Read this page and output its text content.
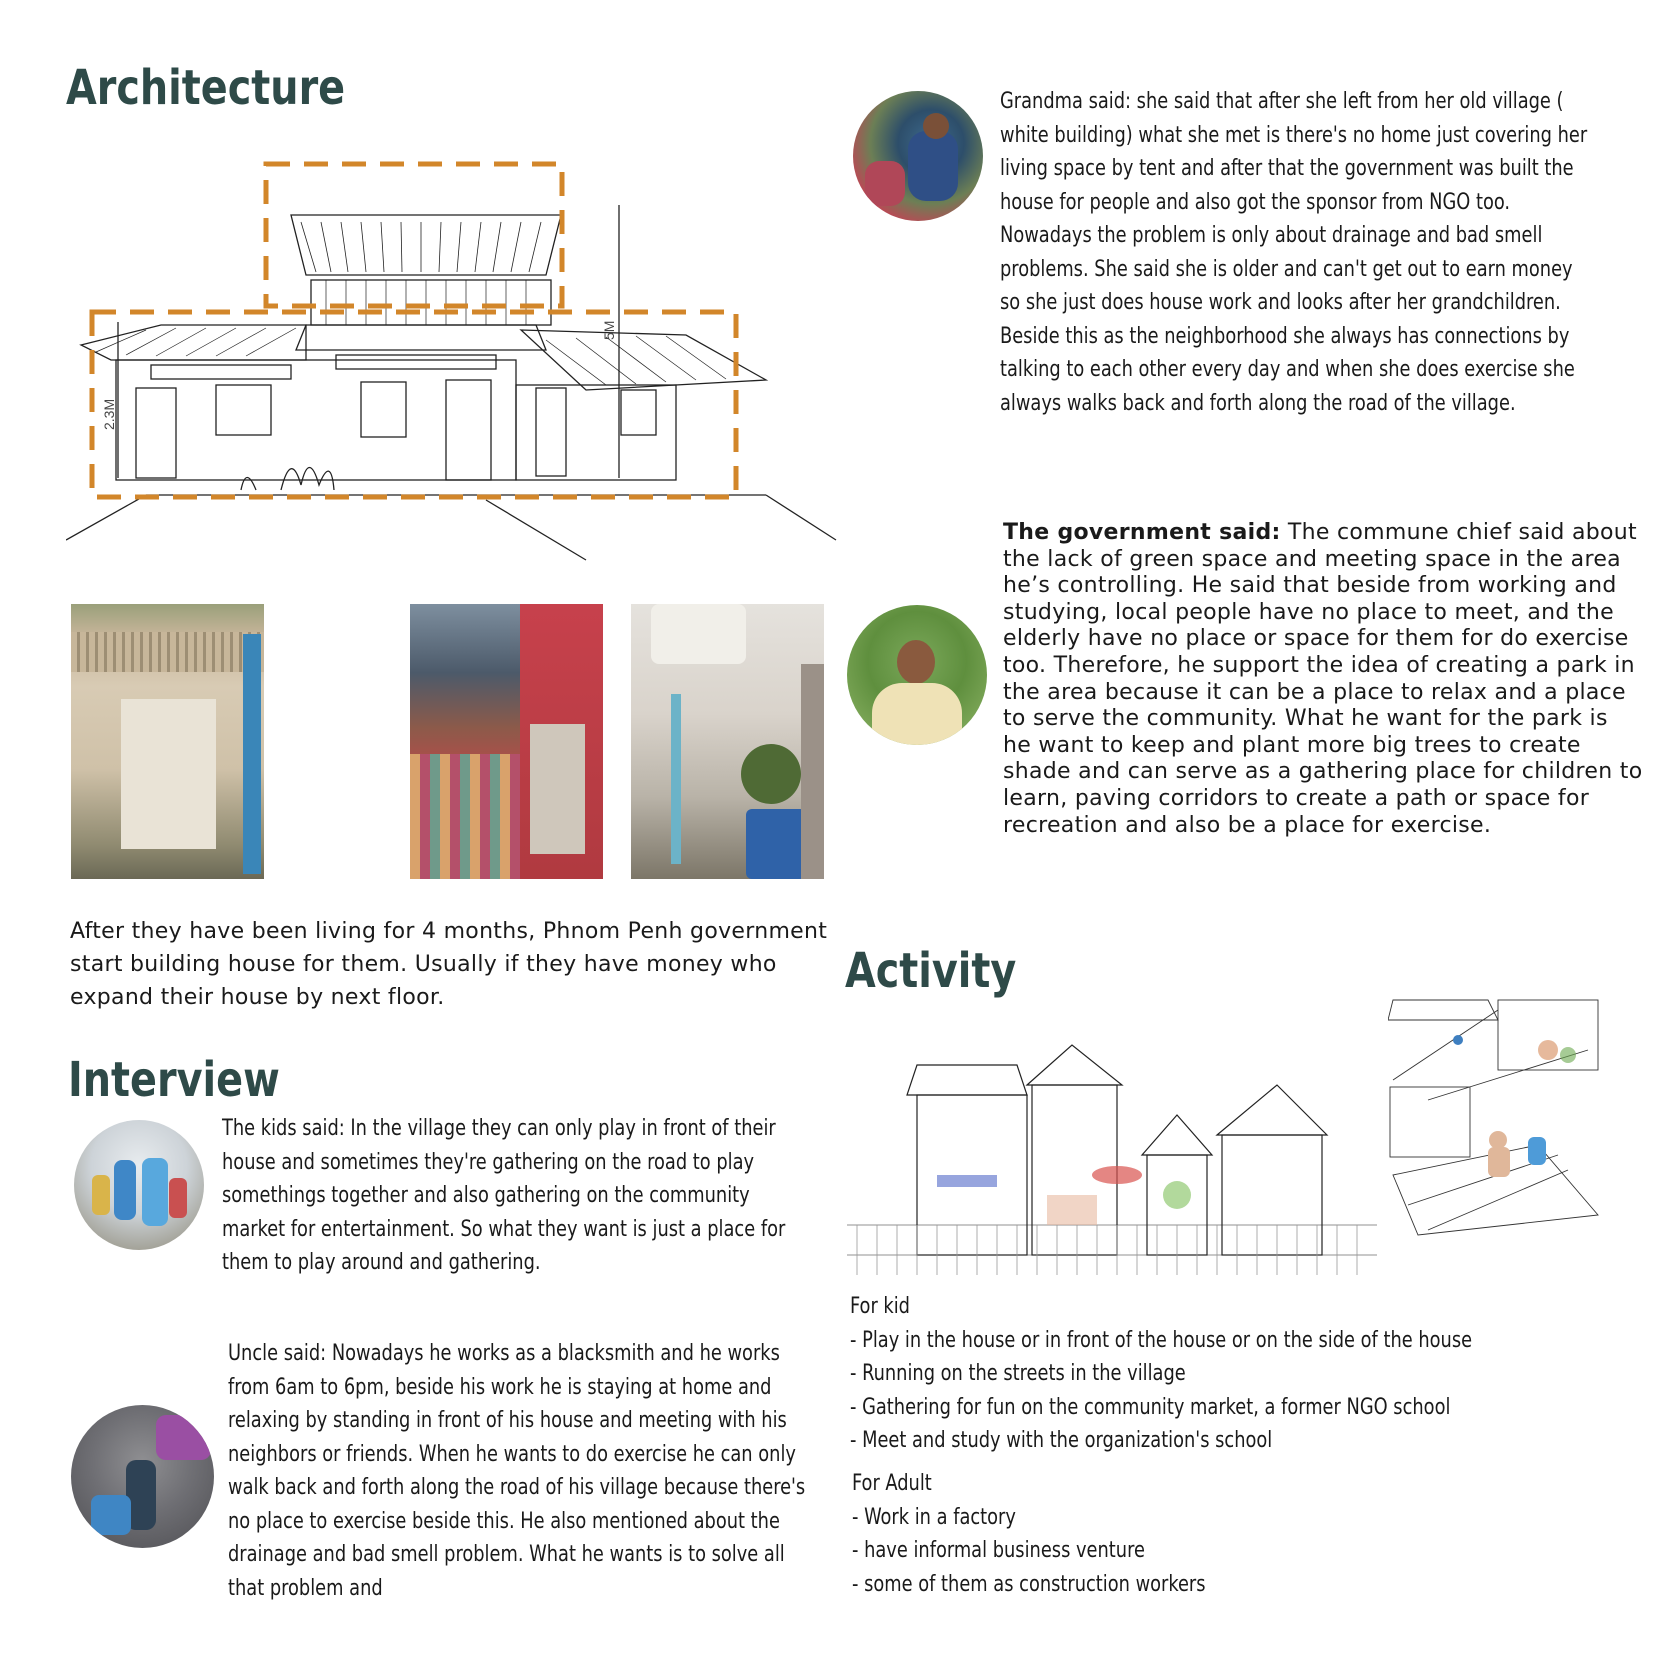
Architecture
Interview
Activity
2.3M
5M
After they have been living for 4 months, Phnom Penh government start building house for them. Usually if they have money who expand their house by next floor.
Grandma said: she said that after she left from her old village ( white building) what she met is there's no home just covering her living space by tent and after that the government was built the house for people and also got the sponsor from NGO too. Nowadays the problem is only about drainage and bad smell problems. She said she is older and can't get out to earn money so she just does house work and looks after her grandchildren. Beside this as the neighborhood she always has connections by talking to each other every day and when she does exercise she always walks back and forth along the road of the village.
The government said: The commune chief said about the lack of green space and meeting space in the area he’s controlling. He said that beside from working and studying, local people have no place to meet, and the elderly have no place or space for them for do exercise too. Therefore, he support the idea of creating a park in the area because it can be a place to relax and a place to serve the community. What he want for the park is he want to keep and plant more big trees to create shade and can serve as a gathering place for children to learn, paving corridors to create a path or space for recreation and also be a place for exercise.
The kids said: In the village they can only play in front of their house and sometimes they're gathering on the road to play somethings together and also gathering on the community market for entertainment. So what they want is just a place for them to play around and gathering.
Uncle said: Nowadays he works as a blacksmith and he works from 6am to 6pm, beside his work he is staying at home and relaxing by standing in front of his house and meeting with his neighbors or friends. When he wants to do exercise he can only walk back and forth along the road of his village because there's no place to exercise beside this. He also mentioned about the drainage and bad smell problem. What he wants is to solve all that problem and
For kid
- Play in the house or in front of the house or on the side of the house
- Running on the streets in the village
- Gathering for fun on the community market, a former NGO school
- Meet and study with the organization's school
For Adult
- Work in a factory
- have informal business venture
- some of them as construction workers
